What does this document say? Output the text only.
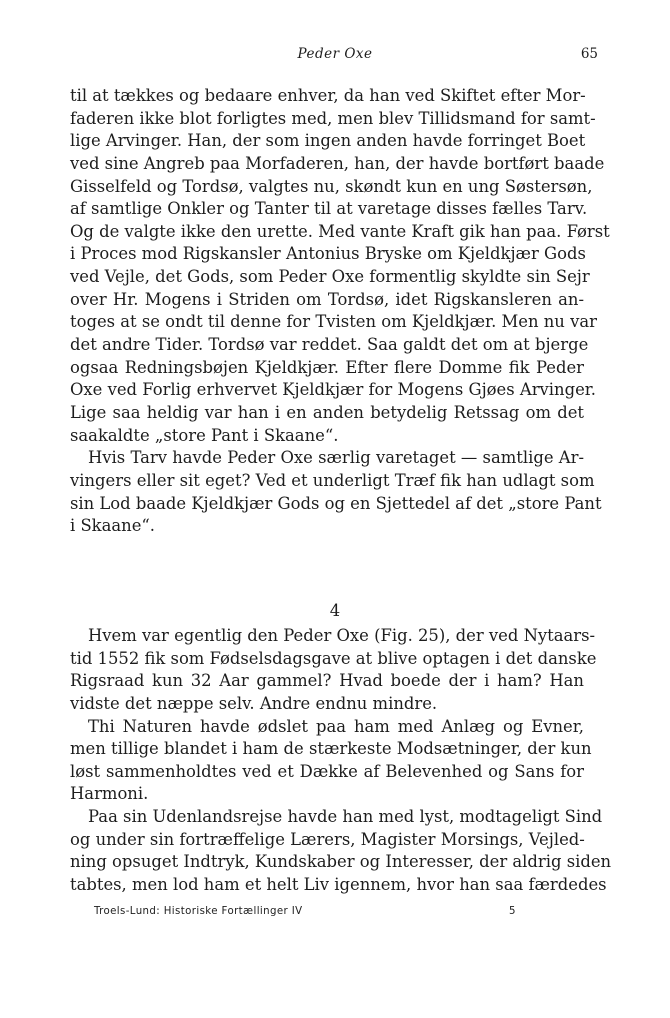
Peder Oxe	65
til at tækkes og bedaare enhver, da han ved Skiftet efter Mor-
faderen ikke blot forligtes med, men blev Tillidsmand for samt-
lige Arvinger. Han, der som ingen anden havde forringet Boet
ved sine Angreb paa Morfaderen, han, der havde bortført baade
Gisselfeld og Tordsø, valgtes nu, skøndt kun en ung Søstersøn,
af samtlige Onkler og Tanter til at varetage disses fælles Tarv.
Og de valgte ikke den urette. Med vante Kraft gik han paa. Først
i Proces mod Rigskansler Antonius Bryske om Kjeldkjær Gods
ved Vejle, det Gods, som Peder Oxe formentlig skyldte sin Sejr
over Hr. Mogens i Striden om Tordsø, idet Rigskansleren an-
toges at se ondt til denne for Tvisten om Kjeldkjær. Men nu var
det andre Tider. Tordsø var reddet. Saa galdt det om at bjerge
ogsaa Redningsbøjen Kjeldkjær. Efter flere Domme fik Peder
Oxe ved Forlig erhvervet Kjeldkjær for Mogens Gjøes Arvinger.
Lige saa heldig var han i en anden betydelig Retssag om det
saakaldte „store Pant i Skaane“.
Hvis Tarv havde Peder Oxe særlig varetaget — samtlige Ar-
vingers eller sit eget? Ved et underligt Træf fik han udlagt som
sin Lod baade Kjeldkjær Gods og en Sjettedel af det „store Pant
i Skaane“.
4
Hvem var egentlig den Peder Oxe (Fig. 25), der ved Nytaars-
tid 1552 fik som Fødselsdagsgave at blive optagen i det danske
Rigsraad kun 32 Aar gammel? Hvad boede der i ham? Han
vidste det næppe selv. Andre endnu mindre.
Thi Naturen havde ødslet paa ham med Anlæg og Evner,
men tillige blandet i ham de stærkeste Modsætninger, der kun
løst sammenholdtes ved et Dække af Belevenhed og Sans for
Harmoni.
Paa sin Udenlandsrejse havde han med lyst, modtageligt Sind
og under sin fortræffelige Lærers, Magister Morsings, Vejled-
ning opsuget Indtryk, Kundskaber og Interesser, der aldrig siden
tabtes, men lod ham et helt Liv igennem, hvor han saa færdedes
Troels-Lund: Historiske Fortællinger IV	5
